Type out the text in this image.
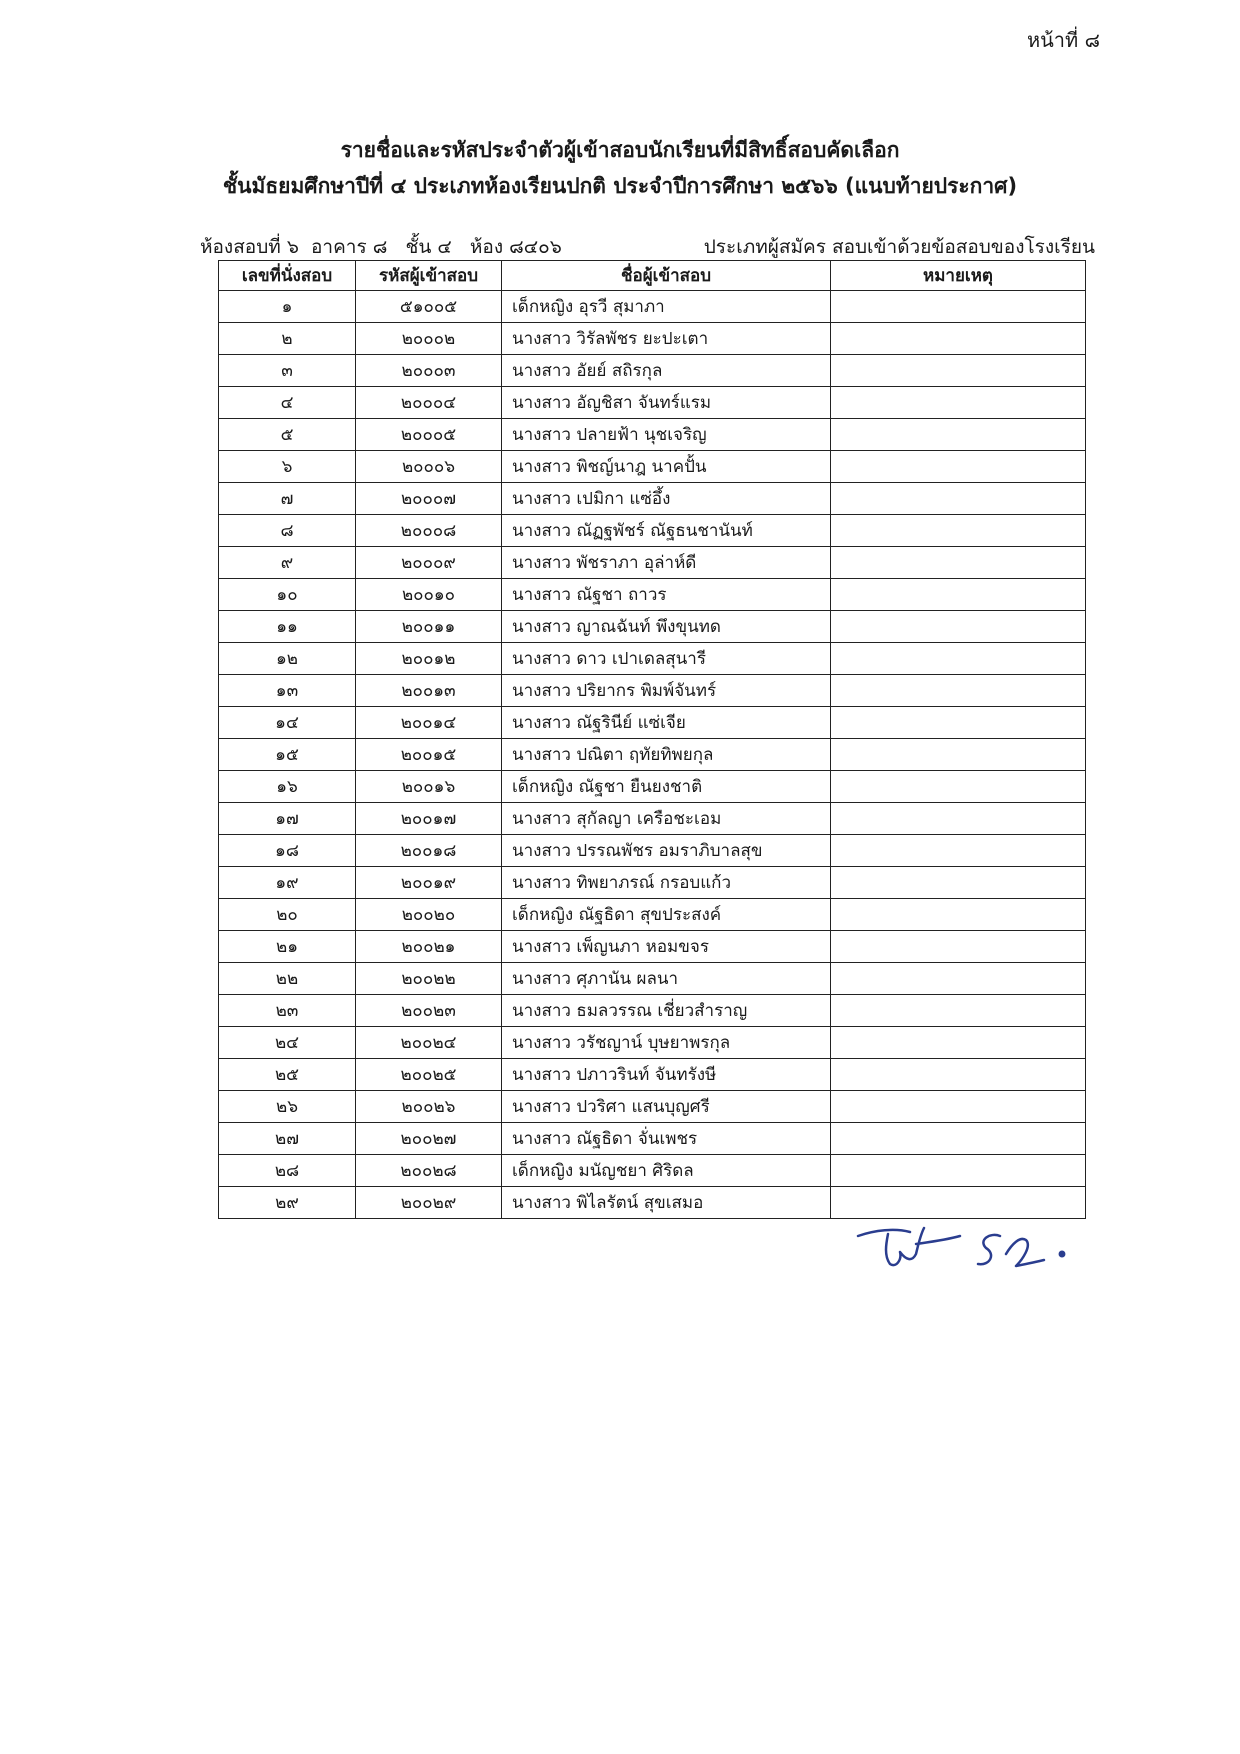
หน้าที่ ๘
รายชื่อและรหัสประจำตัวผู้เข้าสอบนักเรียนที่มีสิทธิ์สอบคัดเลือก
ชั้นมัธยมศึกษาปีที่ ๔ ประเภทห้องเรียนปกติ ประจำปีการศึกษา ๒๕๖๖ (แนบท้ายประกาศ)
ห้องสอบที่ ๖  อาคาร ๘   ชั้น ๔   ห้อง ๘๔๐๖	ประเภทผู้สมัคร สอบเข้าด้วยข้อสอบของโรงเรียน
เลขที่นั่งสอบ	รหัสผู้เข้าสอบ	ชื่อผู้เข้าสอบ	หมายเหตุ
๑	๕๑๐๐๕	เด็กหญิง อุรวี สุมาภา	
๒	๒๐๐๐๒	นางสาว วิรัลพัชร ยะปะเตา	
๓	๒๐๐๐๓	นางสาว อัยย์ สถิรกุล	
๔	๒๐๐๐๔	นางสาว อัญชิสา จันทร์แรม	
๕	๒๐๐๐๕	นางสาว ปลายฟ้า นุชเจริญ	
๖	๒๐๐๐๖	นางสาว พิชญ์นาฎ นาคปั้น	
๗	๒๐๐๐๗	นางสาว เปมิกา แซ่อึ้ง	
๘	๒๐๐๐๘	นางสาว ณัฏฐพัชร์ ณัฐธนชานันท์	
๙	๒๐๐๐๙	นางสาว พัชราภา อุล่าห์ดี	
๑๐	๒๐๐๑๐	นางสาว ณัฐชา ถาวร	
๑๑	๒๐๐๑๑	นางสาว ญาณฉันท์ พึงขุนทด	
๑๒	๒๐๐๑๒	นางสาว ดาว เปาเดลสุนารี	
๑๓	๒๐๐๑๓	นางสาว ปริยากร พิมพ์จันทร์	
๑๔	๒๐๐๑๔	นางสาว ณัฐรินีย์ แซ่เจีย	
๑๕	๒๐๐๑๕	นางสาว ปณิตา ฤทัยทิพยกุล	
๑๖	๒๐๐๑๖	เด็กหญิง ณัฐชา ยืนยงชาติ	
๑๗	๒๐๐๑๗	นางสาว สุกัลญา เครือชะเอม	
๑๘	๒๐๐๑๘	นางสาว ปรรณพัชร อมราภิบาลสุข	
๑๙	๒๐๐๑๙	นางสาว ทิพยาภรณ์ กรอบแก้ว	
๒๐	๒๐๐๒๐	เด็กหญิง ณัฐธิดา สุขประสงค์	
๒๑	๒๐๐๒๑	นางสาว เพ็ญนภา หอมขจร	
๒๒	๒๐๐๒๒	นางสาว ศุภานัน ผลนา	
๒๓	๒๐๐๒๓	นางสาว ธมลวรรณ เชี่ยวสำราญ	
๒๔	๒๐๐๒๔	นางสาว วรัชญาน์ บุษยาพรกุล	
๒๕	๒๐๐๒๕	นางสาว ปภาวรินท์ จันทรังษี	
๒๖	๒๐๐๒๖	นางสาว ปวริศา แสนบุญศรี	
๒๗	๒๐๐๒๗	นางสาว ณัฐธิดา จั่นเพชร	
๒๘	๒๐๐๒๘	เด็กหญิง มนัญชยา ศิริดล	
๒๙	๒๐๐๒๙	นางสาว พิไลรัตน์ สุขเสมอ	
